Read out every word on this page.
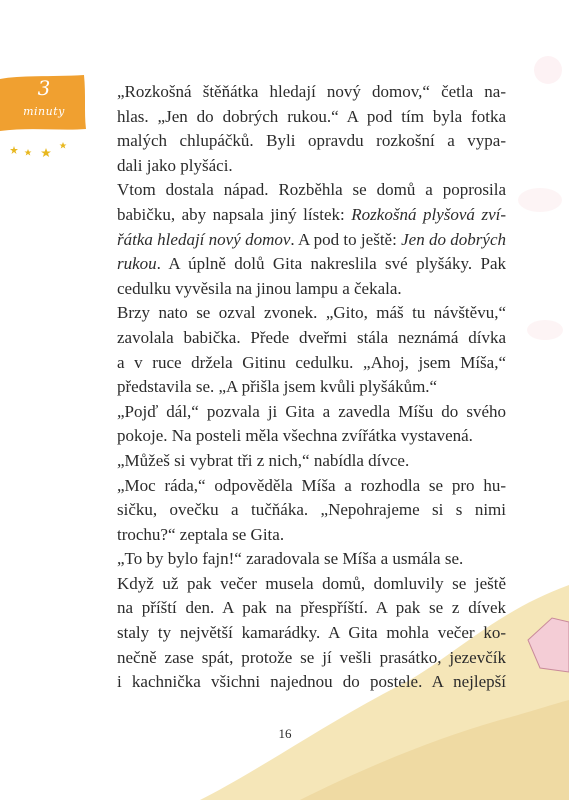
3
minuty
„Rozkošná štěňátka hledají nový domov,“ četla na-
hlas. „Jen do dobrých rukou.“ A pod tím byla fotka
malých chlupáčků. Byli opravdu rozkošní a vypa-
dali jako plyšáci.
Vtom dostala nápad. Rozběhla se domů a poprosila
babičku, aby napsala jiný lístek: Rozkošná plyšová zví-
řátka hledají nový domov. A pod to ještě: Jen do dobrých
rukou. A úplně dolů Gita nakreslila své plyšáky. Pak
cedulku vyvěsila na jinou lampu a čekala.
Brzy nato se ozval zvonek. „Gito, máš tu návštěvu,“
zavolala babička. Přede dveřmi stála neznámá dívka
a v ruce držela Gitinu cedulku. „Ahoj, jsem Míša,“
představila se. „A přišla jsem kvůli plyšákům.“
„Pojď dál,“ pozvala ji Gita a zavedla Míšu do svého
pokoje. Na posteli měla všechna zvířátka vystavená.
„Můžeš si vybrat tři z nich,“ nabídla dívce.
„Moc ráda,“ odpověděla Míša a rozhodla se pro hu-
sičku, ovečku a tučňáka. „Nepohrajeme si s nimi
trochu?“ zeptala se Gita.
„To by bylo fajn!“ zaradovala se Míša a usmála se.
Když už pak večer musela domů, domluvily se ještě
na příští den. A pak na přespříští. A pak se z dívek
staly ty největší kamarádky. A Gita mohla večer ko-
nečně zase spát, protože se jí vešli prasátko, jezevčík
i kachnička všichni najednou do postele. A nejlepší
16
